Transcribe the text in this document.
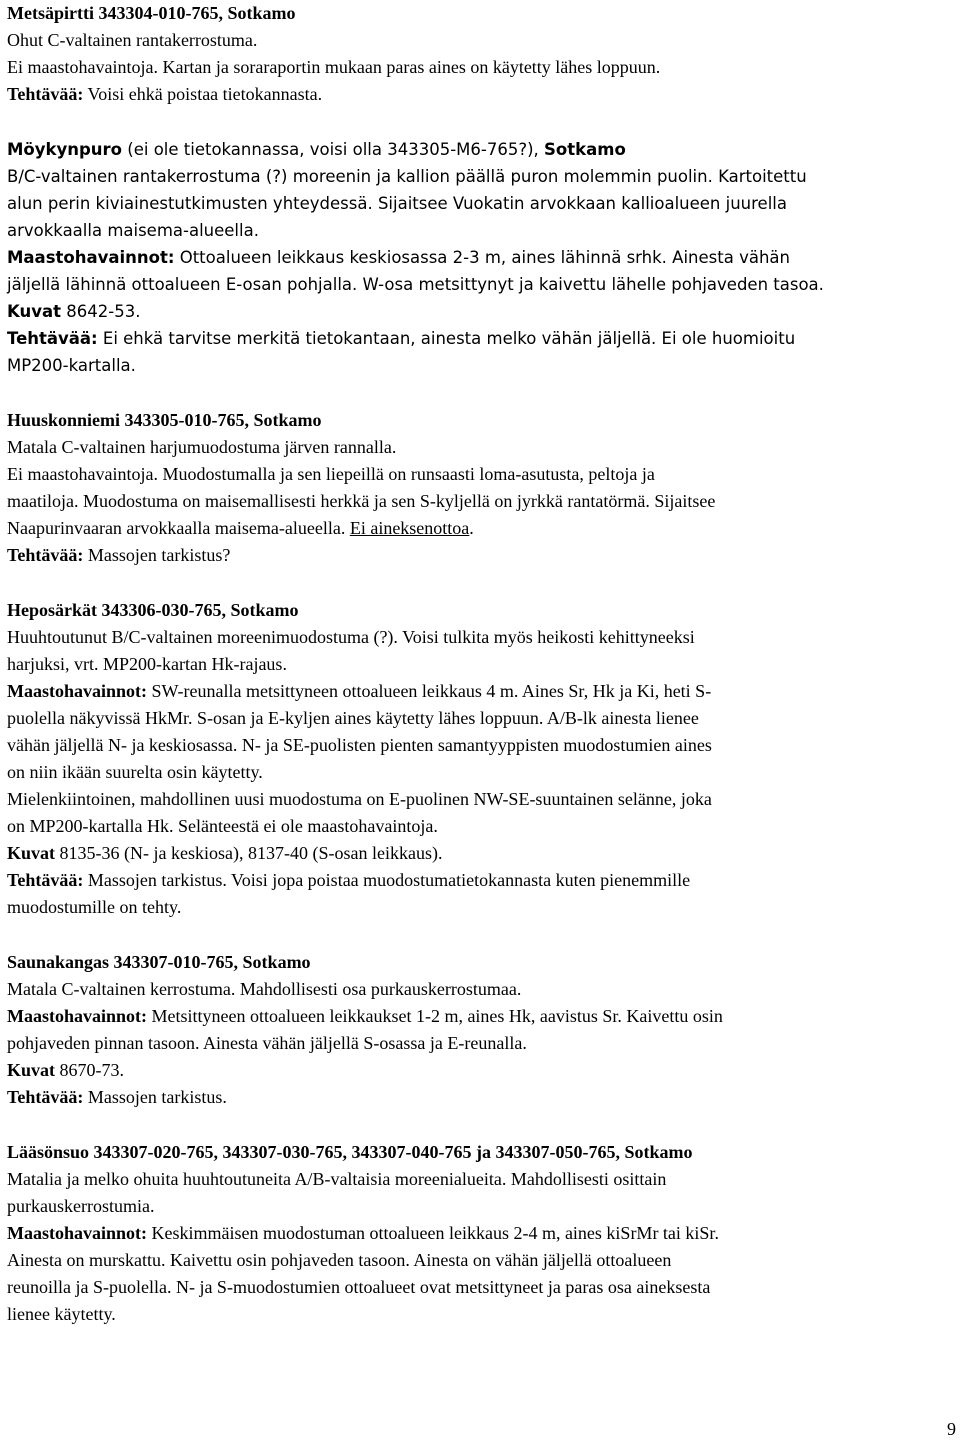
Metsäpirtti 343304-010-765, Sotkamo
Ohut C-valtainen rantakerrostuma.
Ei maastohavaintoja. Kartan ja soraraportin mukaan paras aines on käytetty lähes loppuun.
Tehtävää: Voisi ehkä poistaa tietokannasta.
Möykynpuro (ei ole tietokannassa, voisi olla 343305-M6-765?), Sotkamo
B/C-valtainen rantakerrostuma (?) moreenin ja kallion päällä puron molemmin puolin. Kartoitettu
alun perin kiviainestutkimusten yhteydessä. Sijaitsee Vuokatin arvokkaan kallioalueen juurella
arvokkaalla maisema-alueella.
Maastohavainnot: Ottoalueen leikkaus keskiosassa 2-3 m, aines lähinnä srhk. Ainesta vähän
jäljellä lähinnä ottoalueen E-osan pohjalla. W-osa metsittynyt ja kaivettu lähelle pohjaveden tasoa.
Kuvat 8642-53.
Tehtävää: Ei ehkä tarvitse merkitä tietokantaan, ainesta melko vähän jäljellä. Ei ole huomioitu
MP200-kartalla.
Huuskonniemi 343305-010-765, Sotkamo
Matala C-valtainen harjumuodostuma järven rannalla.
Ei maastohavaintoja. Muodostumalla ja sen liepeillä on runsaasti loma-asutusta, peltoja ja
maatiloja. Muodostuma on maisemallisesti herkkä ja sen S-kyljellä on jyrkkä rantatörmä. Sijaitsee
Naapurinvaaran arvokkaalla maisema-alueella. Ei aineksenottoa.
Tehtävää: Massojen tarkistus?
Heposärkät 343306-030-765, Sotkamo
Huuhtoutunut B/C-valtainen moreenimuodostuma (?). Voisi tulkita myös heikosti kehittyneeksi
harjuksi, vrt. MP200-kartan Hk-rajaus.
Maastohavainnot: SW-reunalla metsittyneen ottoalueen leikkaus 4 m. Aines Sr, Hk ja Ki, heti S-
puolella näkyvissä HkMr. S-osan ja E-kyljen aines käytetty lähes loppuun. A/B-lk ainesta lienee
vähän jäljellä N- ja keskiosassa. N- ja SE-puolisten pienten samantyyppisten muodostumien aines
on niin ikään suurelta osin käytetty.
Mielenkiintoinen, mahdollinen uusi muodostuma on E-puolinen NW-SE-suuntainen selänne, joka
on MP200-kartalla Hk. Selänteestä ei ole maastohavaintoja.
Kuvat 8135-36 (N- ja keskiosa), 8137-40 (S-osan leikkaus).
Tehtävää: Massojen tarkistus. Voisi jopa poistaa muodostumatietokannasta kuten pienemmille
muodostumille on tehty.
Saunakangas 343307-010-765, Sotkamo
Matala C-valtainen kerrostuma. Mahdollisesti osa purkauskerrostumaa.
Maastohavainnot: Metsittyneen ottoalueen leikkaukset 1-2 m, aines Hk, aavistus Sr. Kaivettu osin
pohjaveden pinnan tasoon. Ainesta vähän jäljellä S-osassa ja E-reunalla.
Kuvat 8670-73.
Tehtävää: Massojen tarkistus.
Lääsönsuo 343307-020-765, 343307-030-765, 343307-040-765 ja 343307-050-765, Sotkamo
Matalia ja melko ohuita huuhtoutuneita A/B-valtaisia moreenialueita. Mahdollisesti osittain
purkauskerrostumia.
Maastohavainnot: Keskimmäisen muodostuman ottoalueen leikkaus 2-4 m, aines kiSrMr tai kiSr.
Ainesta on murskattu. Kaivettu osin pohjaveden tasoon. Ainesta on vähän jäljellä ottoalueen
reunoilla ja S-puolella. N- ja S-muodostumien ottoalueet ovat metsittyneet ja paras osa aineksesta
lienee käytetty.
9
